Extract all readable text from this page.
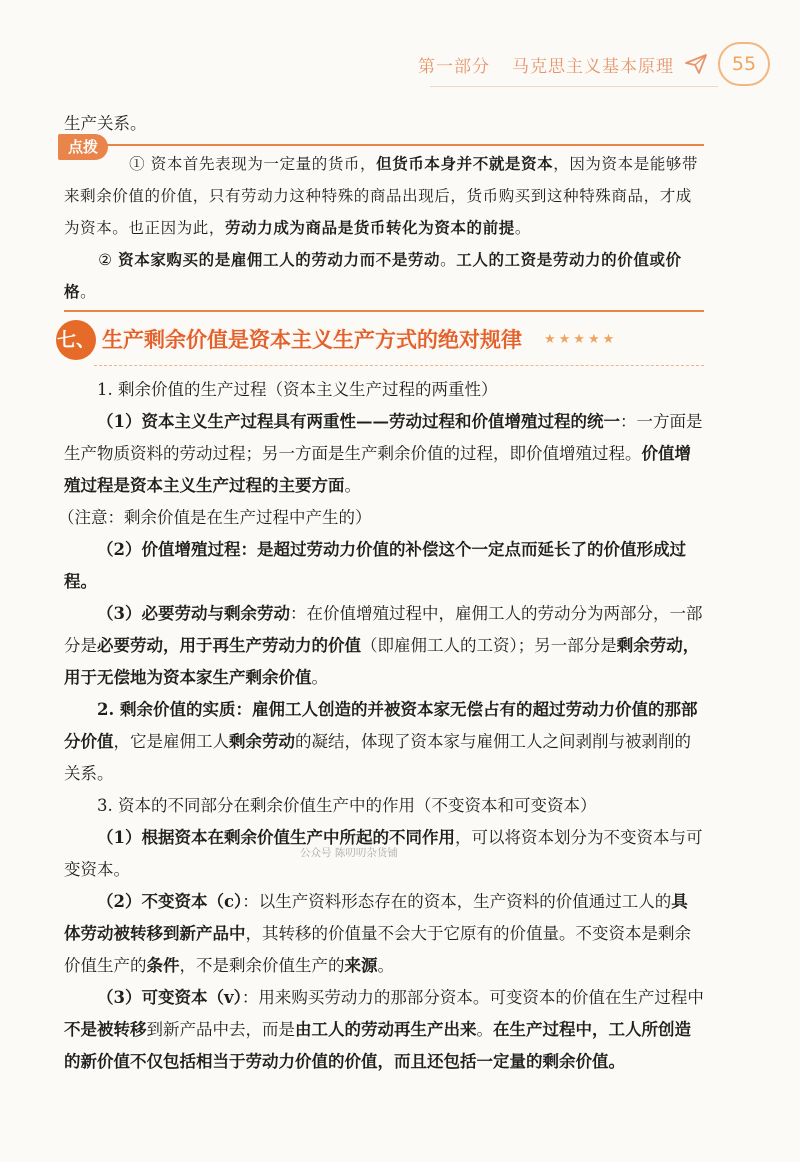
第一部分 马克思主义基本原理	55

生产关系。

点拨

① 资本首先表现为一定量的货币，但货币本身并不就是资本，因为资本是能够带来剩余价值的价值，只有劳动力这种特殊的商品出现后，货币购买到这种特殊商品，才成为资本。也正因为此，劳动力成为商品是货币转化为资本的前提。

② 资本家购买的是雇佣工人的劳动力而不是劳动。工人的工资是劳动力的价值或价格。

七、 生产剩余价值是资本主义生产方式的绝对规律 ★★★★★

1. 剩余价值的生产过程（资本主义生产过程的两重性）

（1）资本主义生产过程具有两重性——劳动过程和价值增殖过程的统一：一方面是生产物质资料的劳动过程；另一方面是生产剩余价值的过程，即价值增殖过程。价值增殖过程是资本主义生产过程的主要方面。

（注意：剩余价值是在生产过程中产生的）

（2）价值增殖过程：是超过劳动力价值的补偿这个一定点而延长了的价值形成过程。

（3）必要劳动与剩余劳动：在价值增殖过程中，雇佣工人的劳动分为两部分，一部分是必要劳动，用于再生产劳动力的价值（即雇佣工人的工资）；另一部分是剩余劳动，用于无偿地为资本家生产剩余价值。

2. 剩余价值的实质：雇佣工人创造的并被资本家无偿占有的超过劳动力价值的那部分价值，它是雇佣工人剩余劳动的凝结，体现了资本家与雇佣工人之间剥削与被剥削的关系。

3. 资本的不同部分在剩余价值生产中的作用（不变资本和可变资本）

（1）根据资本在剩余价值生产中所起的不同作用，可以将资本划分为不变资本与可变资本。

（2）不变资本（c）：以生产资料形态存在的资本，生产资料的价值通过工人的具体劳动被转移到新产品中，其转移的价值量不会大于它原有的价值量。不变资本是剩余价值生产的条件，不是剩余价值生产的来源。

（3）可变资本（v）：用来购买劳动力的那部分资本。可变资本的价值在生产过程中不是被转移到新产品中去，而是由工人的劳动再生产出来。在生产过程中，工人所创造的新价值不仅包括相当于劳动力价值的价值，而且还包括一定量的剩余价值。

公众号 陈叨叨杂货铺
